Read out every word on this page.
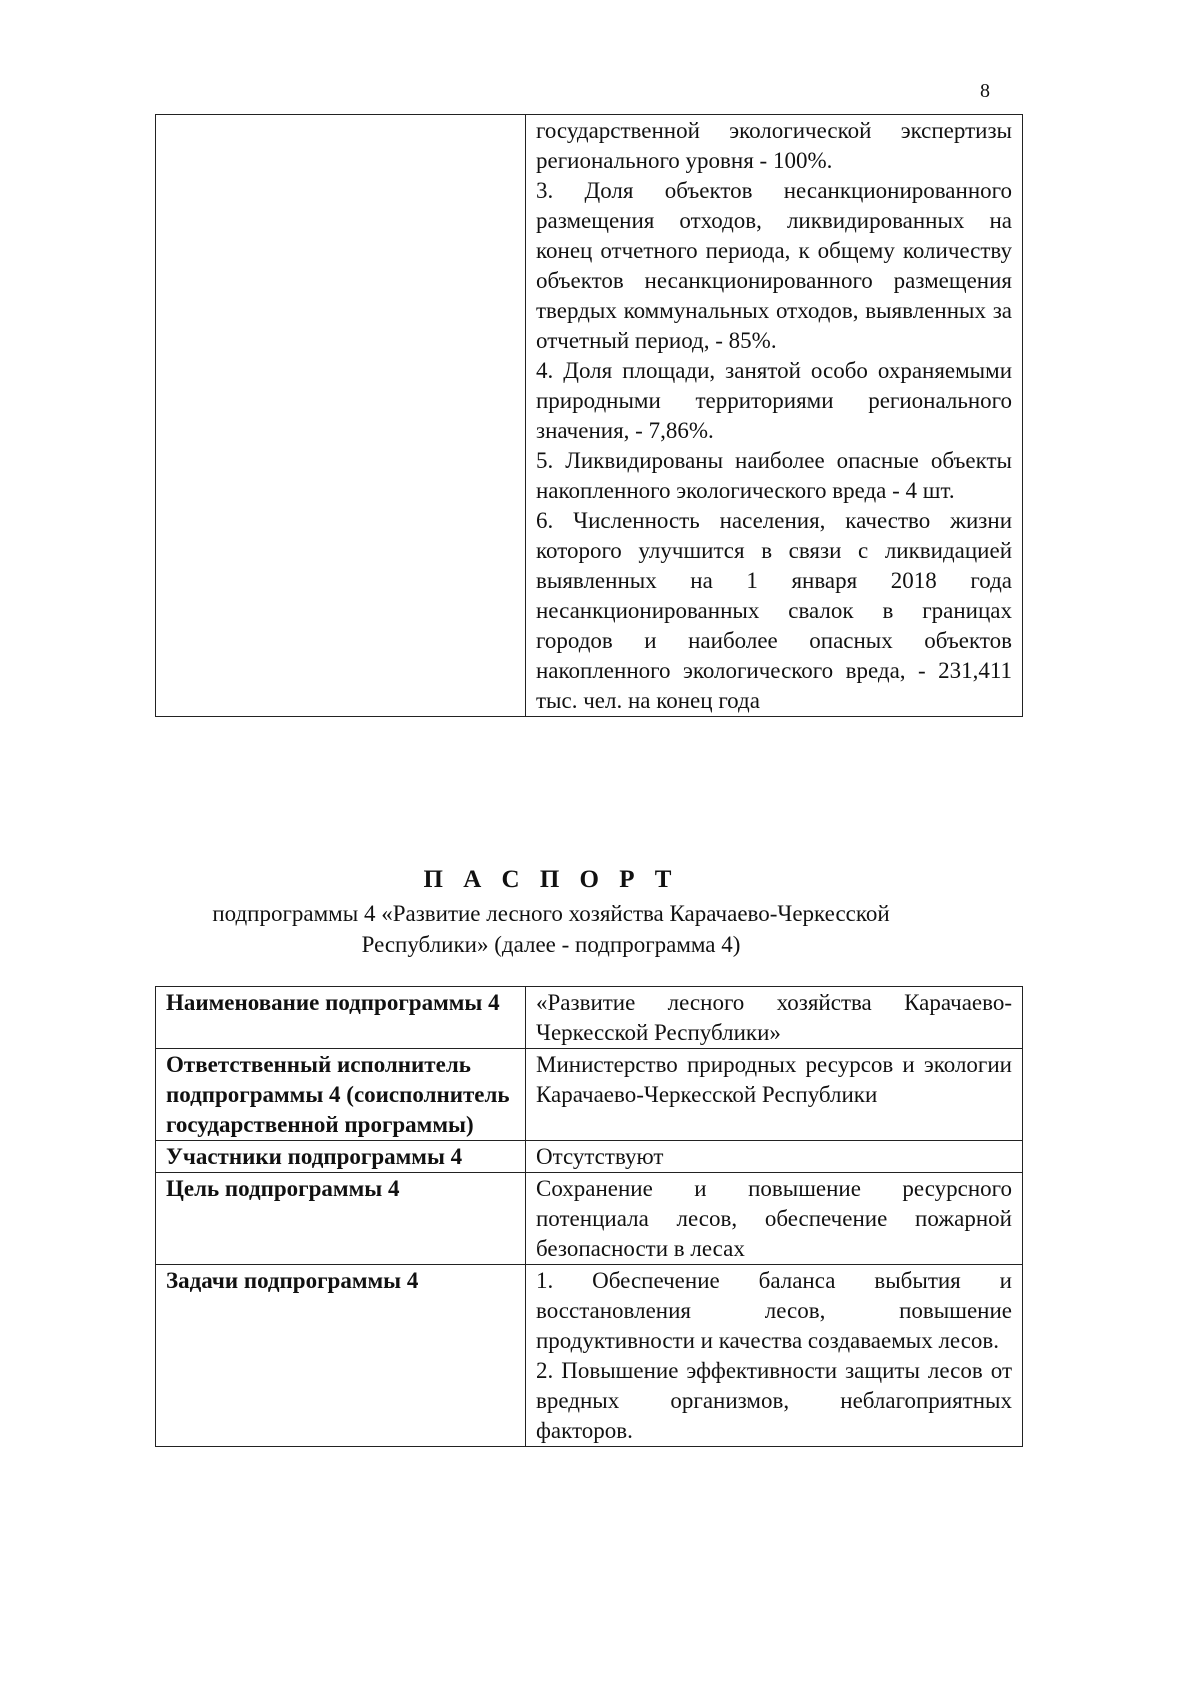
8

государственной экологической экспертизы регионального уровня - 100%.

3. Доля объектов несанкционированного размещения отходов, ликвидированных на конец отчетного периода, к общему количеству объектов несанкционированного размещения твердых коммунальных отходов, выявленных за отчетный период, - 85%.

4. Доля площади, занятой особо охраняемыми природными территориями регионального значения, - 7,86%.

5. Ликвидированы наиболее опасные объекты накопленного экологического вреда - 4 шт.

6. Численность населения, качество жизни которого улучшится в связи с ликвидацией выявленных на 1 января 2018 года несанкционированных свалок в границах городов и наиболее опасных объектов накопленного экологического вреда, - 231,411 тыс. чел. на конец года

П А С П О Р Т
подпрограммы 4 «Развитие лесного хозяйства Карачаево-Черкесской
Республики» (далее - подпрограмма 4)
Наименование подпрограммы 4	«Развитие лесного хозяйства Карачаево-Черкесской Республики»
Ответственный исполнитель подпрограммы 4 (соисполнитель государственной программы)	Министерство природных ресурсов и экологии Карачаево-Черкесской Республики
Участники подпрограммы 4	Отсутствуют
Цель подпрограммы 4	Сохранение и повышение ресурсного потенциала лесов, обеспечение пожарной безопасности в лесах
Задачи подпрограммы 4	1. Обеспечение баланса выбытия и восстановления лесов, повышение продуктивности и качества создаваемых лесов.

2. Повышение эффективности защиты лесов от вредных организмов, неблагоприятных факторов.
